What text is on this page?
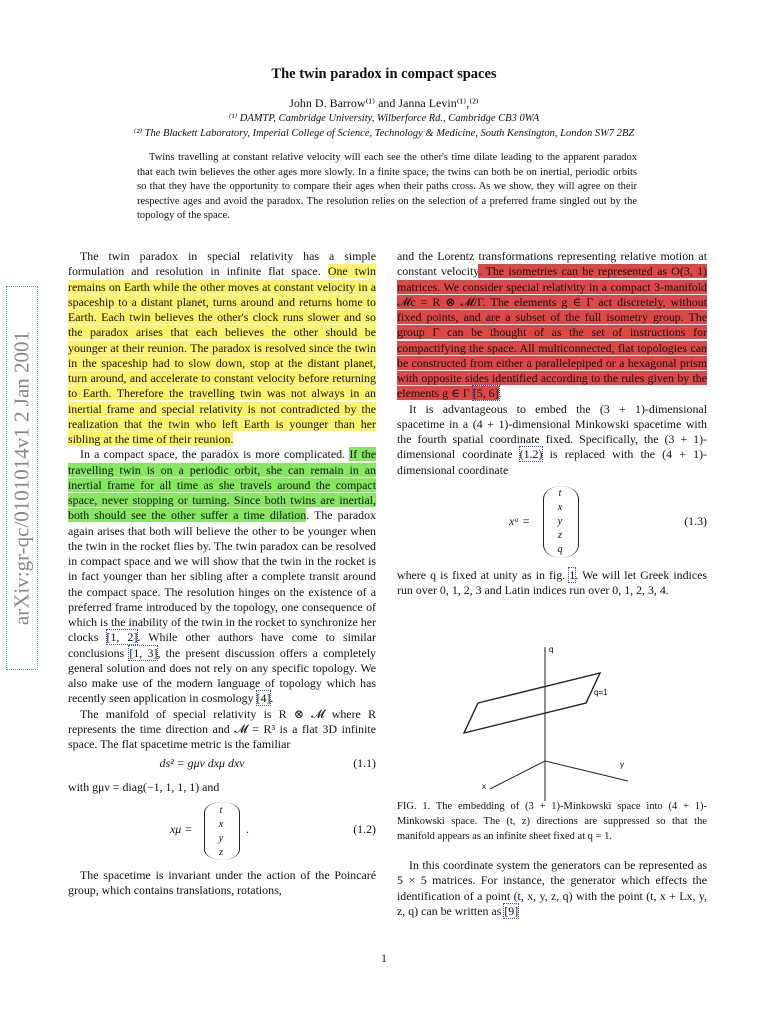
The twin paradox in compact spaces
John D. Barrow⁽¹⁾ and Janna Levin⁽¹⁾,⁽²⁾
⁽¹⁾ DAMTP, Cambridge University, Wilberforce Rd., Cambridge CB3 0WA
⁽²⁾ The Blackett Laboratory, Imperial College of Science, Technology & Medicine, South Kensington, London SW7 2BZ
Twins travelling at constant relative velocity will each see the other's time dilate leading to the apparent paradox that each twin believes the other ages more slowly. In a finite space, the twins can both be on inertial, periodic orbits so that they have the opportunity to compare their ages when their paths cross. As we show, they will agree on their respective ages and avoid the paradox. The resolution relies on the selection of a preferred frame singled out by the topology of the space.
arXiv:gr-qc/0101014v1 2 Jan 2001

The twin paradox in special relativity has a simple formulation and resolution in infinite flat space. One twin remains on Earth while the other moves at constant velocity in a spaceship to a distant planet, turns around and returns home to Earth. Each twin believes the other's clock runs slower and so the paradox arises that each believes the other should be younger at their reunion. The paradox is resolved since the twin in the spaceship had to slow down, stop at the distant planet, turn around, and accelerate to constant velocity before returning to Earth. Therefore the travelling twin was not always in an inertial frame and special relativity is not contradicted by the realization that the twin who left Earth is younger than her sibling at the time of their reunion.

In a compact space, the paradox is more complicated. If the travelling twin is on a periodic orbit, she can remain in an inertial frame for all time as she travels around the compact space, never stopping or turning. Since both twins are inertial, both should see the other suffer a time dilation. The paradox again arises that both will believe the other to be younger when the twin in the rocket flies by. The twin paradox can be resolved in compact space and we will show that the twin in the rocket is in fact younger than her sibling after a complete transit around the compact space. The resolution hinges on the existence of a preferred frame introduced by the topology, one consequence of which is the inability of the twin in the rocket to synchronize her clocks [1, 2]. While other authors have come to similar conclusions [1, 3], the present discussion offers a completely general solution and does not rely on any specific topology. We also make use of the modern language of topology which has recently seen application in cosmology [4].

The manifold of special relativity is R ⊗ 𝓜 where R represents the time direction and 𝓜 = R³ is a flat 3D infinite space. The flat spacetime metric is the familiar

ds² = gμν dxμ dxν	(1.1)

with gμν = diag(−1, 1, 1, 1) and

xμ =
t
x
y
z
.	(1.2)

The spacetime is invariant under the action of the Poincaré group, which contains translations, rotations,

and the Lorentz transformations representing relative motion at constant velocity. The isometries can be represented as O(3, 1) matrices. We consider special relativity in a compact 3-manifold 𝓜c = R ⊗ 𝓜/Γ. The elements g ∈ Γ act discretely, without fixed points, and are a subset of the full isometry group. The group Γ can be thought of as the set of instructions for compactifying the space. All multiconnected, flat topologies can be constructed from either a parallelepiped or a hexagonal prism with opposite sides identified according to the rules given by the elements g ∈ Γ [5, 6].

It is advantageous to embed the (3 + 1)-dimensional spacetime in a (4 + 1)-dimensional Minkowski spacetime with the fourth spatial coordinate fixed. Specifically, the (3 + 1)-dimensional coordinate (1.2) is replaced with the (4 + 1)-dimensional coordinate

xᵃ =
t
x
y
z
q
(1.3)

where q is fixed at unity as in fig. 1. We will let Greek indices run over 0, 1, 2, 3 and Latin indices run over 0, 1, 2, 3, 4.

q
q=1
y
x
FIG. 1. The embedding of (3 + 1)-Minkowski space into (4 + 1)-Minkowski space. The (t, z) directions are suppressed so that the manifold appears as an infinite sheet fixed at q = 1.

In this coordinate system the generators can be represented as 5 × 5 matrices. For instance, the generator which effects the identification of a point (t, x, y, z, q) with the point (t, x + Lx, y, z, q) can be written as [9]

1
